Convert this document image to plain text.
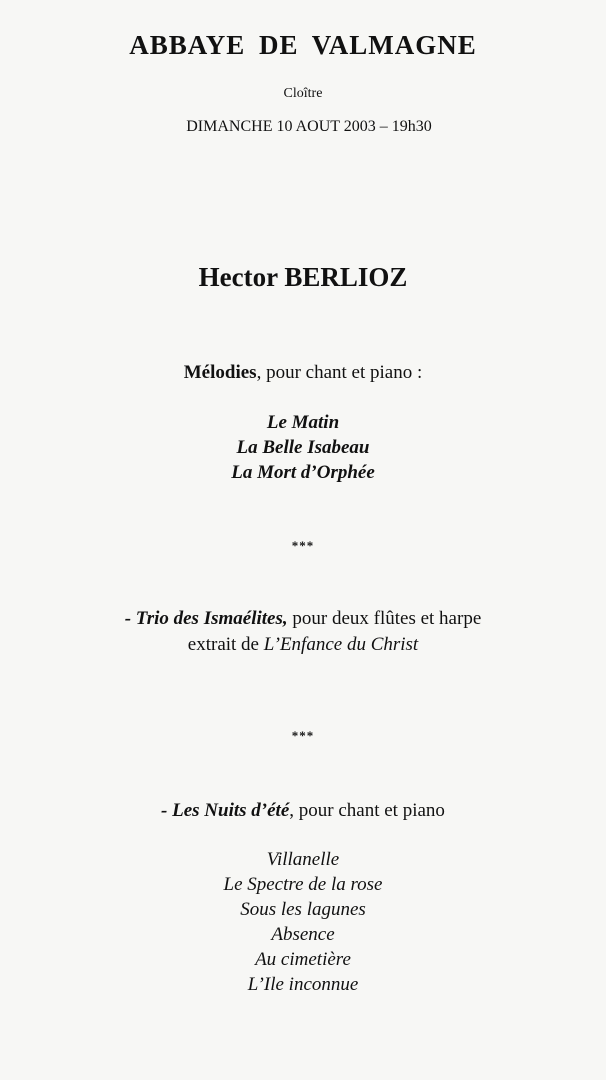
ABBAYE DE VALMAGNE
Cloître
DIMANCHE 10 AOUT 2003 – 19h30
Hector BERLIOZ
Mélodies, pour chant et piano :
Le Matin
La Belle Isabeau
La Mort d’Orphée
***
- Trio des Ismaélites, pour deux flûtes et harpe
extrait de L’Enfance du Christ
***
- Les Nuits d’été, pour chant et piano
Villanelle
Le Spectre de la rose
Sous les lagunes
Absence
Au cimetière
L’Ile inconnue
